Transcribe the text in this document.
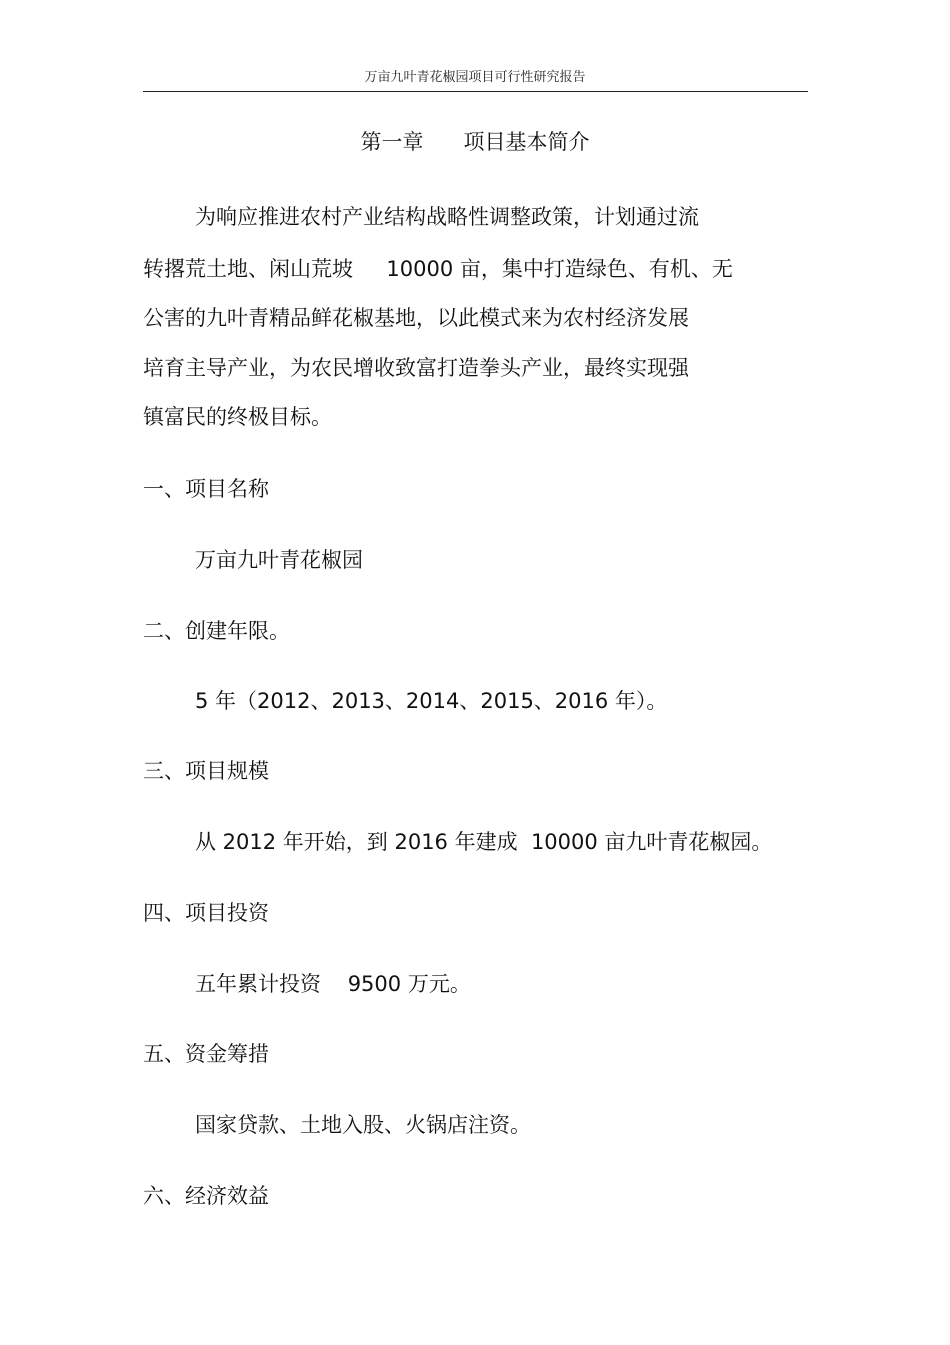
万亩九叶青花椒园项目可行性研究报告
第一章      项目基本简介
为响应推进农村产业结构战略性调整政策，计划通过流
转撂荒土地、闲山荒坡     10000 亩，集中打造绿色、有机、无
公害的九叶青精品鲜花椒基地，以此模式来为农村经济发展
培育主导产业，为农民增收致富打造拳头产业，最终实现强
镇富民的终极目标。
一、项目名称
万亩九叶青花椒园
二、创建年限。
5 年（2012、2013、2014、2015、2016 年）。
三、项目规模
从 2012 年开始，到 2016 年建成  10000 亩九叶青花椒园。
四、项目投资
五年累计投资    9500 万元。
五、资金筹措
国家贷款、土地入股、火锅店注资。
六、经济效益
